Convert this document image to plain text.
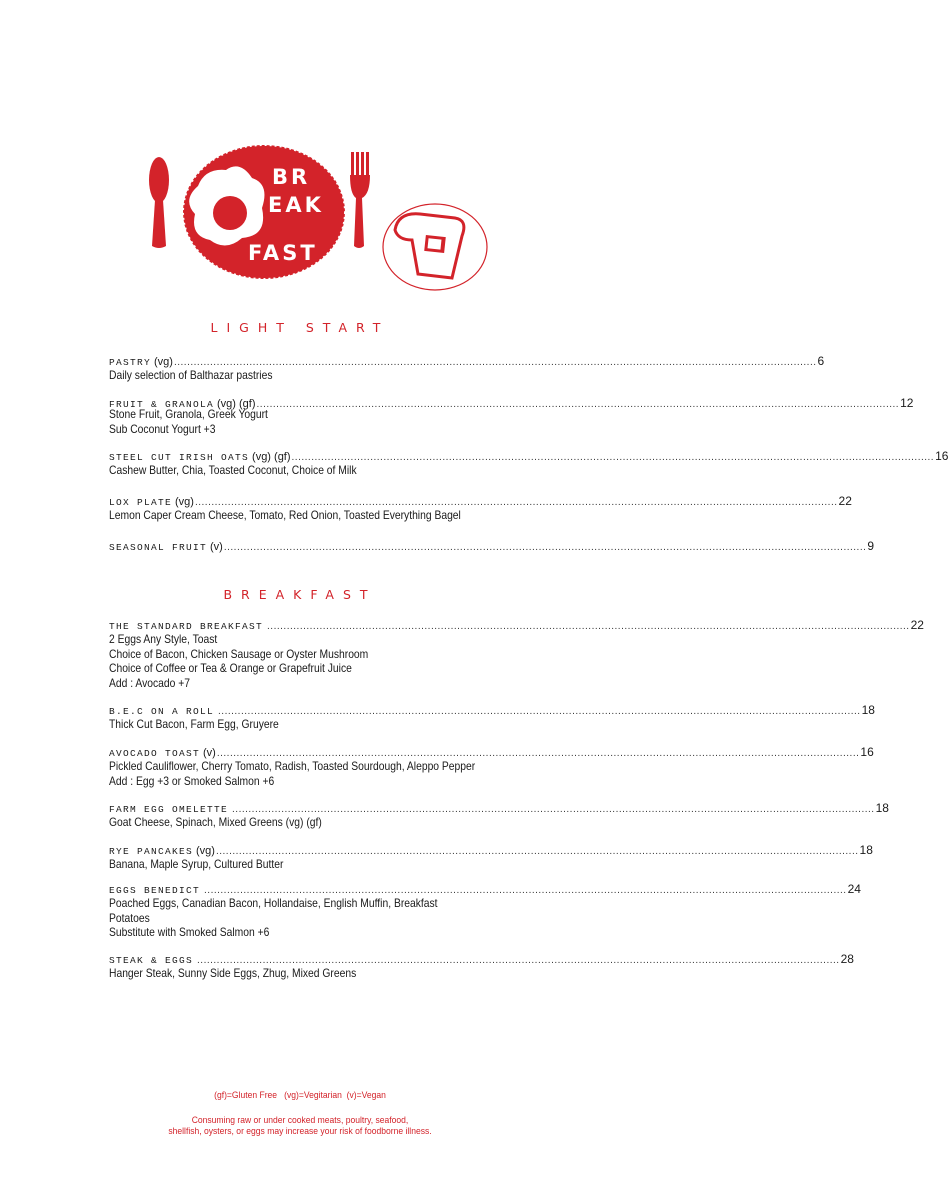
BR
EAK
FAST
LIGHT START
PASTRY (vg) .................................................................................................................................................................................................... 6
Daily selection of Balthazar pastries
FRUIT & GRANOLA (vg) (gf) .................................................................................................................................................................................................... 12
Stone Fruit, Granola, Greek Yogurt
Sub Coconut Yogurt +3
STEEL CUT IRISH OATS (vg) (gf) .................................................................................................................................................................................................... 16
Cashew Butter, Chia, Toasted Coconut, Choice of Milk
LOX PLATE (vg) .................................................................................................................................................................................................... 22
Lemon Caper Cream Cheese, Tomato, Red Onion, Toasted Everything Bagel
SEASONAL FRUIT (v) .................................................................................................................................................................................................... 9
BREAKFAST
THE STANDARD BREAKFAST .................................................................................................................................................................................................... 22
2 Eggs Any Style, Toast
Choice of Bacon, Chicken Sausage or Oyster Mushroom
Choice of Coffee or Tea & Orange or Grapefruit Juice
Add : Avocado +7
B.E.C ON A ROLL .................................................................................................................................................................................................... 18
Thick Cut Bacon, Farm Egg, Gruyere
AVOCADO TOAST (v) .................................................................................................................................................................................................... 16
Pickled Cauliflower, Cherry Tomato, Radish, Toasted Sourdough, Aleppo Pepper
Add : Egg +3 or Smoked Salmon +6
FARM EGG OMELETTE .................................................................................................................................................................................................... 18
Goat Cheese, Spinach, Mixed Greens (vg) (gf)
RYE PANCAKES (vg) .................................................................................................................................................................................................... 18
Banana, Maple Syrup, Cultured Butter
EGGS BENEDICT .................................................................................................................................................................................................... 24
Poached Eggs, Canadian Bacon, Hollandaise, English Muffin, Breakfast
Potatoes
Substitute with Smoked Salmon +6
STEAK & EGGS .................................................................................................................................................................................................... 28
Hanger Steak, Sunny Side Eggs, Zhug, Mixed Greens
(gf)=Gluten Free   (vg)=Vegitarian  (v)=Vegan
Consuming raw or under cooked meats, poultry, seafood,
shellfish, oysters, or eggs may increase your risk of foodborne illness.
